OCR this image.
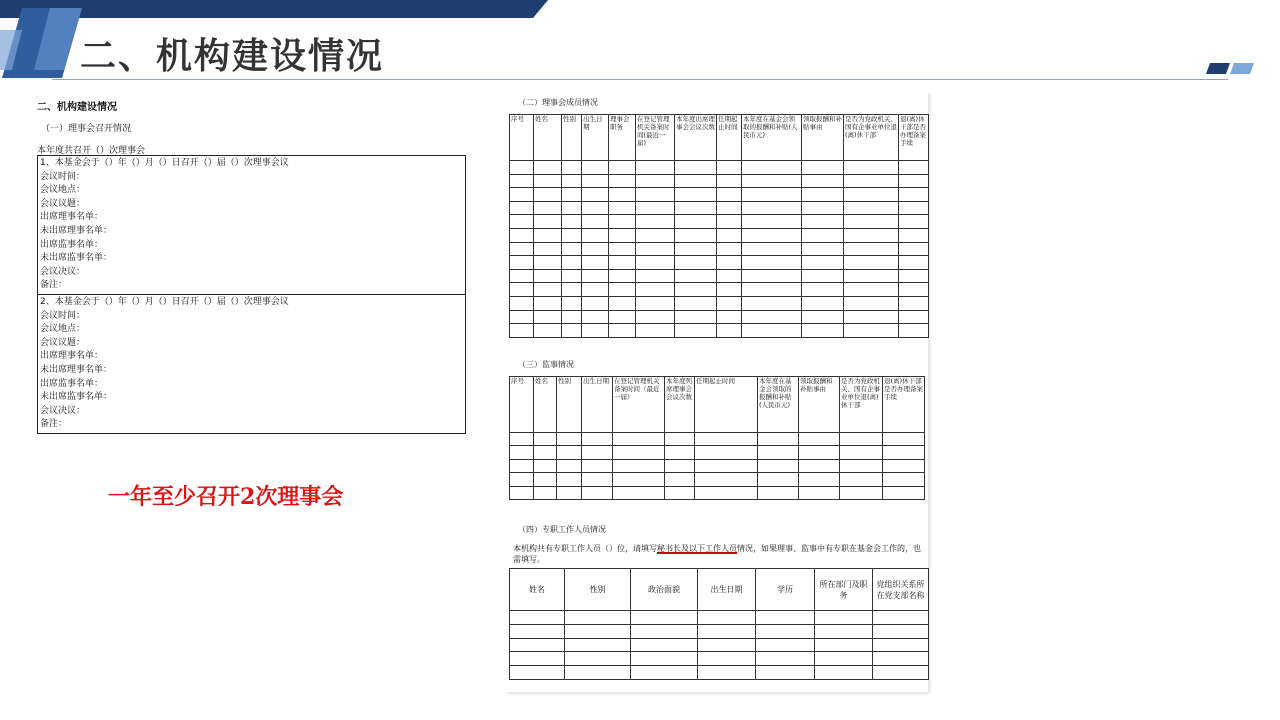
二、机构建设情况
二、机构建设情况
（一）理事会召开情况
本年度共召开（）次理事会
1、本基金会于（）年（）月（）日召开（）届（）次理事会议
会议时间：
会议地点：
会议议题：
出席理事名单：
未出席理事名单：
出席监事名单：
未出席监事名单：
会议决议：
备注：
2、本基金会于（）年（）月（）日召开（）届（）次理事会议
会议时间：
会议地点：
会议议题：
出席理事名单：
未出席理事名单：
出席监事名单：
未出席监事名单：
会议决议：
备注：
一年至少召开2次理事会
（二）理事会成员情况
序号	姓名	性别	出生日期	理事会职务	在登记管理机关备案时间(最近一届)	本年度出席理事会会议次数	任期起止时间	本年度在基金会领取的报酬和补贴(人民币元)	领取报酬和补贴事由	是否为党政机关、国有企事业单位退(离)休干部	退(离)休干部是否办理备案手续

（三）监事情况
序号	姓名	性别	出生日期	在登记管理机关备案时间（最近一届）	本年度列席理事会会议次数	任期起止时间	本年度在基金会领取的报酬和补贴(人民币元)	领取报酬和补贴事由	是否为党政机关、国有企事业单位退(离)休干部	退(离)休干部是否办理备案手续

（四）专职工作人员情况
本机构共有专职工作人员（）位，请填写秘书长及以下工作人员情况，如果理事、监事中有专职在基金会工作的，也需填写。
姓名	性别	政治面貌	出生日期	学历	所在部门及职务	党组织关系所在党支部名称
